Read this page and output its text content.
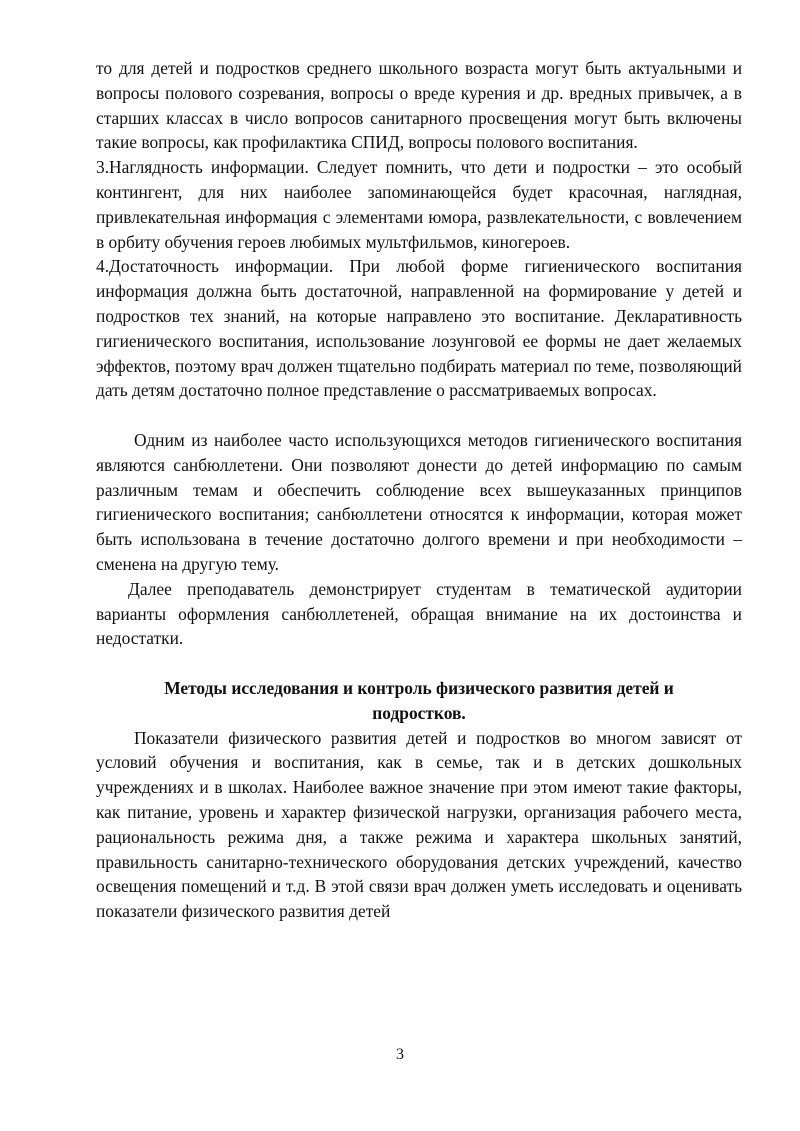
то для детей и подростков среднего школьного возраста могут быть актуальными и вопросы полового созревания, вопросы о вреде курения и др. вредных привычек, а в старших классах в число вопросов санитарного просвещения могут быть включены такие вопросы, как профилактика СПИД, вопросы полового воспитания.

3.Наглядность информации. Следует помнить, что дети и подростки – это особый контингент, для них наиболее запоминающейся будет красочная, наглядная, привлекательная информация с элементами юмора, развлекательности, с вовлечением в орбиту обучения героев любимых мультфильмов, киногероев.

4.Достаточность информации. При любой форме гигиенического воспитания информация должна быть достаточной, направленной на формирование у детей и подростков тех знаний, на которые направлено это воспитание. Декларативность гигиенического воспитания, использование лозунговой ее формы не дает желаемых эффектов, поэтому врач должен тщательно подбирать материал по теме, позволяющий дать детям достаточно полное представление о рассматриваемых вопросах.

Одним из наиболее часто использующихся методов гигиенического воспитания являются санбюллетени. Они позволяют донести до детей информацию по самым различным темам и обеспечить соблюдение всех вышеуказанных принципов гигиенического воспитания; санбюллетени относятся к информации, которая может быть использована в течение достаточно долгого времени и при необходимости – сменена на другую тему.

Далее преподаватель демонстрирует студентам в тематической аудитории варианты оформления санбюллетеней, обращая внимание на их достоинства и недостатки.

Методы исследования и контроль физического развития детей и подростков.

Показатели физического развития детей и подростков во многом зависят от условий обучения и воспитания, как в семье, так и в детских дошкольных учреждениях и в школах. Наиболее важное значение при этом имеют такие факторы, как питание, уровень и характер физической нагрузки, организация рабочего места, рациональность режима дня, а также режима и характера школьных занятий, правильность санитарно-технического оборудования детских учреждений, качество освещения помещений и т.д. В этой связи врач должен уметь исследовать и оценивать показатели физического развития детей

3
